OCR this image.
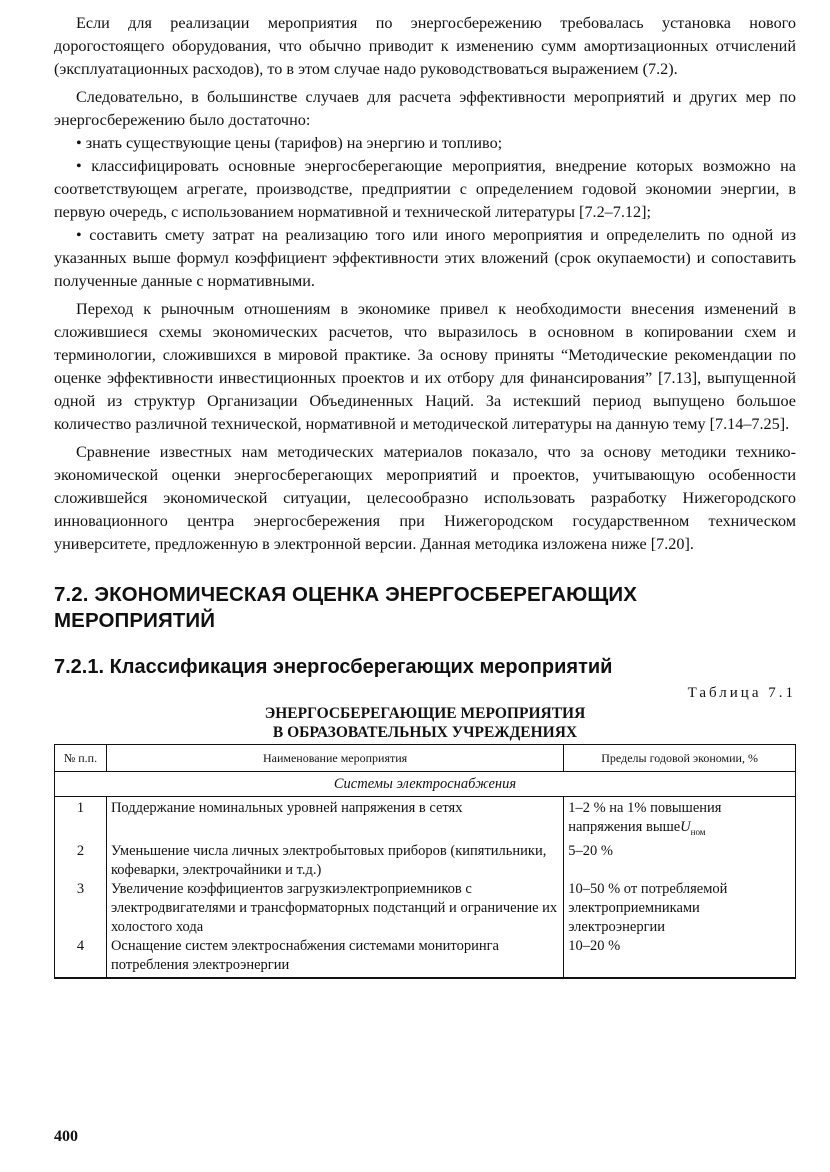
Если для реализации мероприятия по энергосбережению требовалась установка нового дорогостоящего оборудования, что обычно приводит к изменению сумм амортизационных отчислений (эксплуатационных расходов), то в этом случае надо руководствоваться выражением (7.2).

Следовательно, в большинстве случаев для расчета эффективности мероприятий и других мер по энергосбережению было достаточно:

• знать существующие цены (тарифов) на энергию и топливо;

• классифицировать основные энергосберегающие мероприятия, внедрение которых возможно на соответствующем агрегате, производстве, предприятии с определением годовой экономии энергии, в первую очередь, с использованием нормативной и технической литературы [7.2–7.12];

• составить смету затрат на реализацию того или иного мероприятия и определелить по одной из указанных выше формул коэффициент эффективности этих вложений (срок окупаемости) и сопоставить полученные данные с нормативными.

Переход к рыночным отношениям в экономике привел к необходимости внесения изменений в сложившиеся схемы экономических расчетов, что выразилось в основном в копировании схем и терминологии, сложившихся в мировой практике. За основу приняты “Методические рекомендации по оценке эффективности инвестиционных проектов и их отбору для финансирования” [7.13], выпущенной одной из структур Организации Объединенных Наций. За истекший период выпущено большое количество различной технической, нормативной и методической литературы на данную тему [7.14–7.25].

Сравнение известных нам методических материалов показало, что за основу методики технико-экономической оценки энергосберегающих мероприятий и проектов, учитывающую особенности сложившейся экономической ситуации, целесообразно использовать разработку Нижегородского инновационного центра энергосбережения при Нижегородском государственном техническом университете, предложенную в электронной версии. Данная методика изложена ниже [7.20].

7.2. ЭКОНОМИЧЕСКАЯ ОЦЕНКА ЭНЕРГОСБЕРЕГАЮЩИХ МЕРОПРИЯТИЙ
7.2.1. Классификация энергосберегающих мероприятий
Таблица 7.1
ЭНЕРГОСБЕРЕГАЮЩИЕ МЕРОПРИЯТИЯ
В ОБРАЗОВАТЕЛЬНЫХ УЧРЕЖДЕНИЯХ
№ п.п.	Наименование мероприятия	Пределы годовой экономии, %
Системы электроснабжения		
1	Поддержание номинальных уровней напряжения в сетях	1–2 % на 1% повышения напряжения вышеU$_{ном}$
2	Уменьшение числа личных электробытовых приборов (кипятильники, кофеварки, электрочайники и т.д.)	5–20 %
3	Увеличение коэффициентов загрузкиэлектроприемников с электродвигателями и трансформаторных подстанций и ограничение их холостого хода	10–50 % от потребляемой электроприемниками электроэнергии
4	Оснащение систем электроснабжения системами мониторинга потребления электроэнергии	10–20 %
400
